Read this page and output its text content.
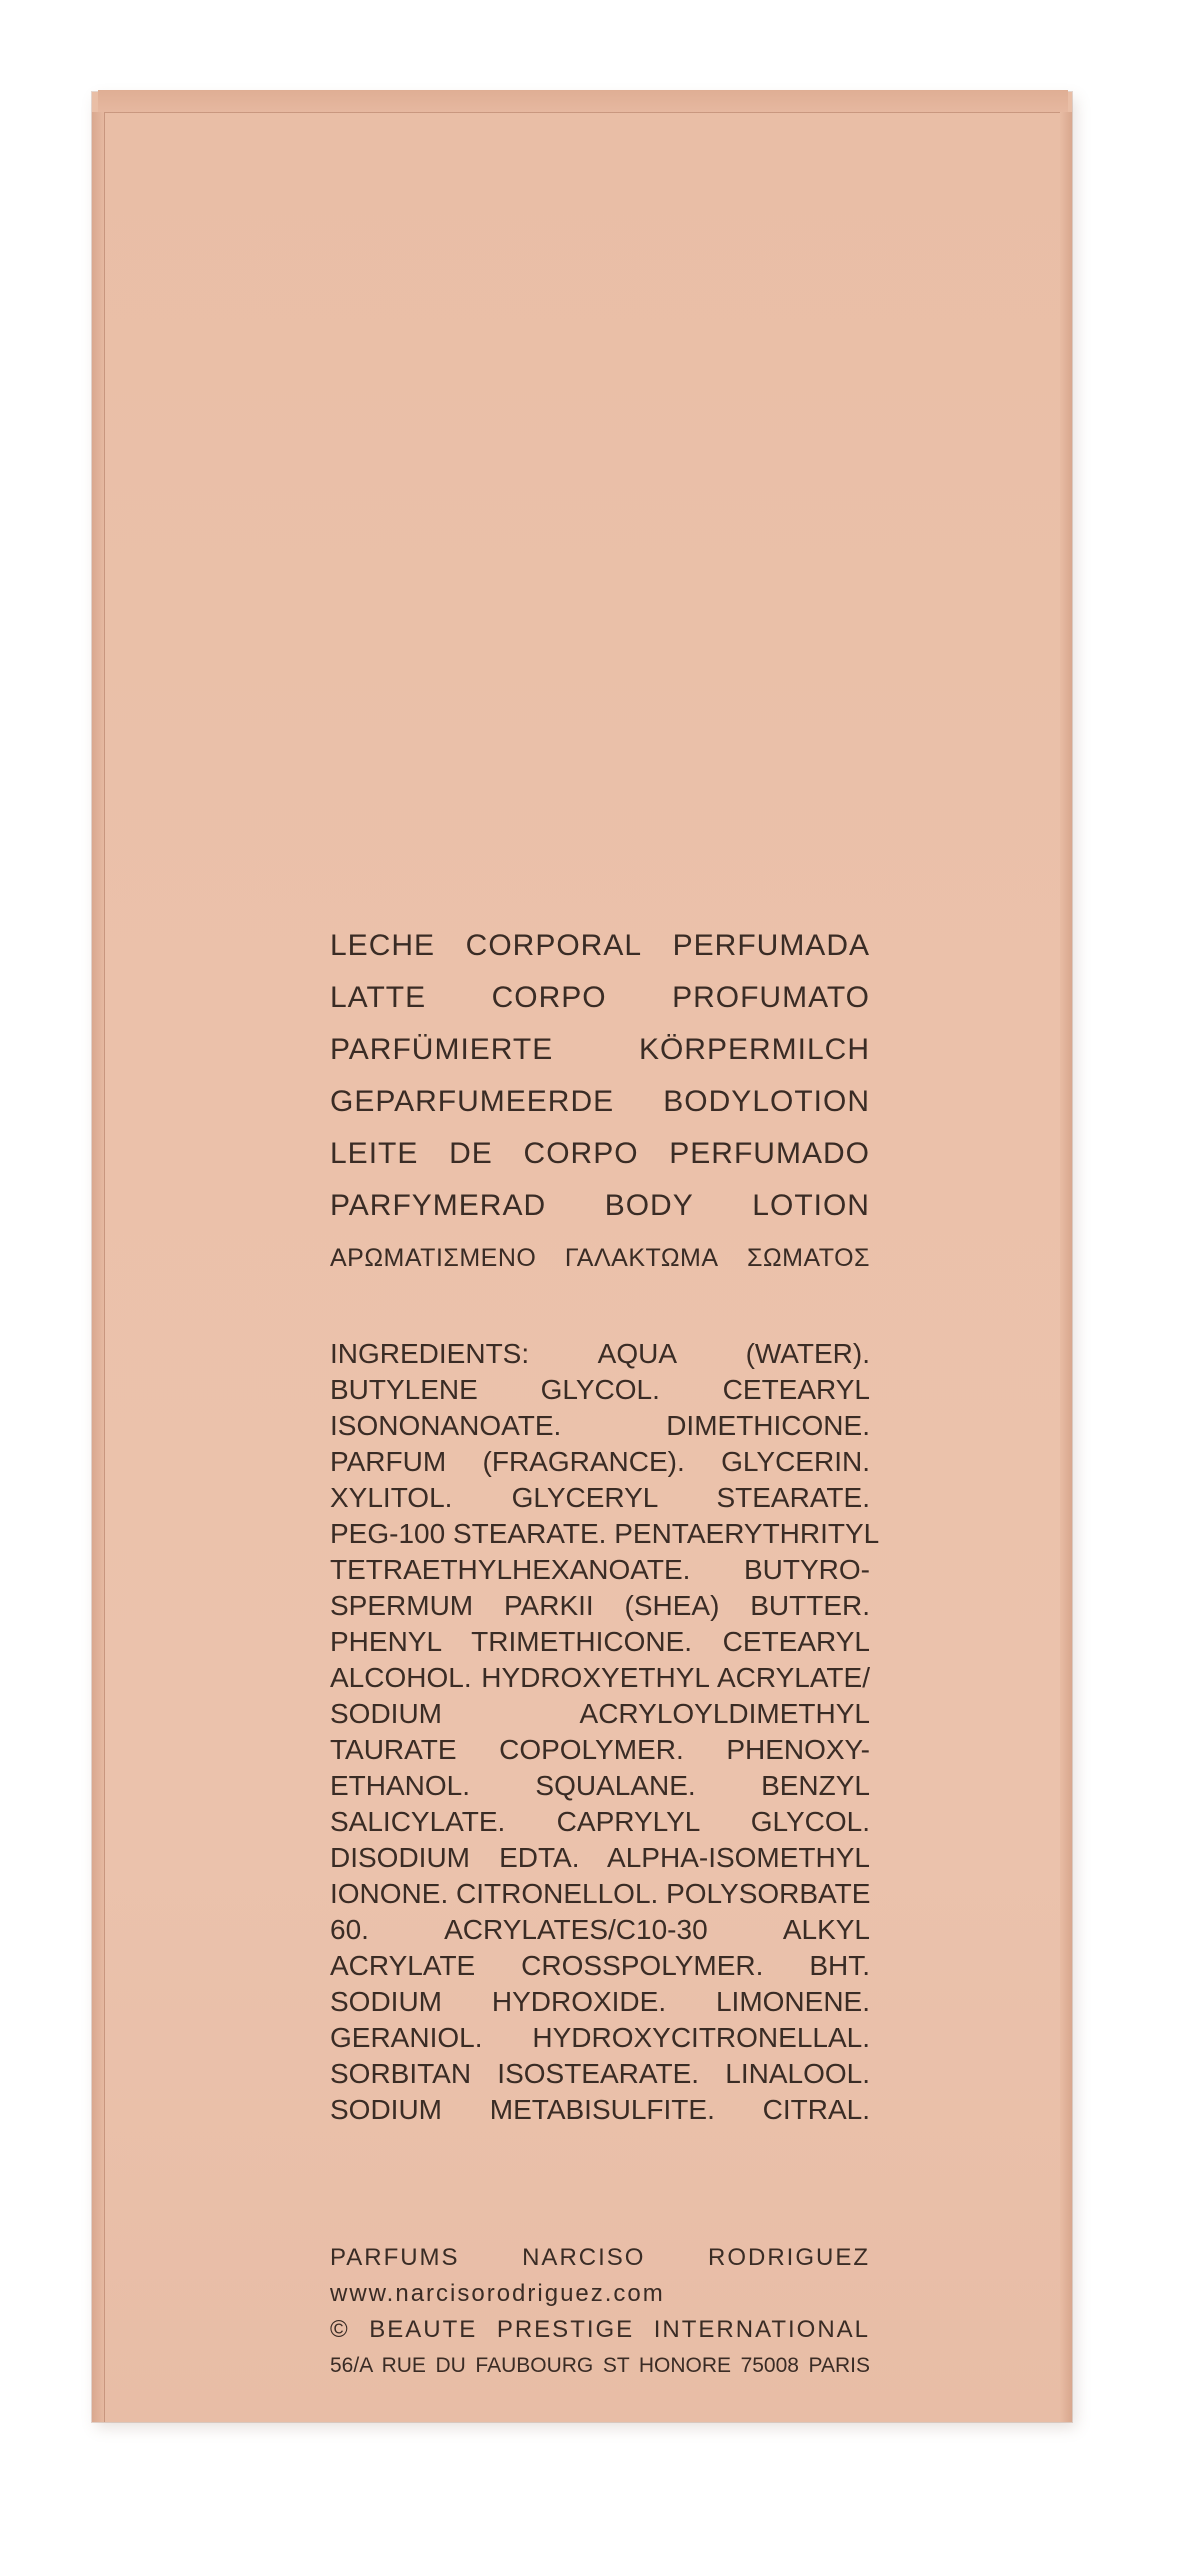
LECHE CORPORAL PERFUMADA
LATTE CORPO PROFUMATO
PARFÜMIERTE	KÖRPERMILCH
GEPARFUMEERDE BODYLOTION
LEITE DE CORPO PERFUMADO
PARFYMERAD BODY LOTION
ΑΡΩΜΑΤΙΣΜΕΝΟ ΓΑΛΑΚΤΩΜΑ ΣΩΜΑΤΟΣ
INGREDIENTS: AQUA (WATER).
BUTYLENE GLYCOL. CETEARYL
ISONONANOATE. DIMETHICONE.
PARFUM (FRAGRANCE). GLYCERIN.
XYLITOL. GLYCERYL STEARATE.
PEG-100 STEARATE. PENTAERYTHRITYL
TETRAETHYLHEXANOATE. BUTYRO-
SPERMUM PARKII (SHEA) BUTTER.
PHENYL TRIMETHICONE. CETEARYL
ALCOHOL. HYDROXYETHYL ACRYLATE/
SODIUM ACRYLOYLDIMETHYL
TAURATE COPOLYMER. PHENOXY-
ETHANOL. SQUALANE. BENZYL
SALICYLATE. CAPRYLYL GLYCOL.
DISODIUM EDTA. ALPHA-ISOMETHYL
IONONE. CITRONELLOL. POLYSORBATE
60. ACRYLATES/C10-30 ALKYL
ACRYLATE CROSSPOLYMER. BHT.
SODIUM HYDROXIDE. LIMONENE.
GERANIOL. HYDROXYCITRONELLAL.
SORBITAN ISOSTEARATE. LINALOOL.
SODIUM METABISULFITE. CITRAL.
PARFUMS NARCISO RODRIGUEZ
www.narcisorodriguez.com
© BEAUTE PRESTIGE INTERNATIONAL
56/A RUE DU FAUBOURG ST HONORE 75008 PARIS
